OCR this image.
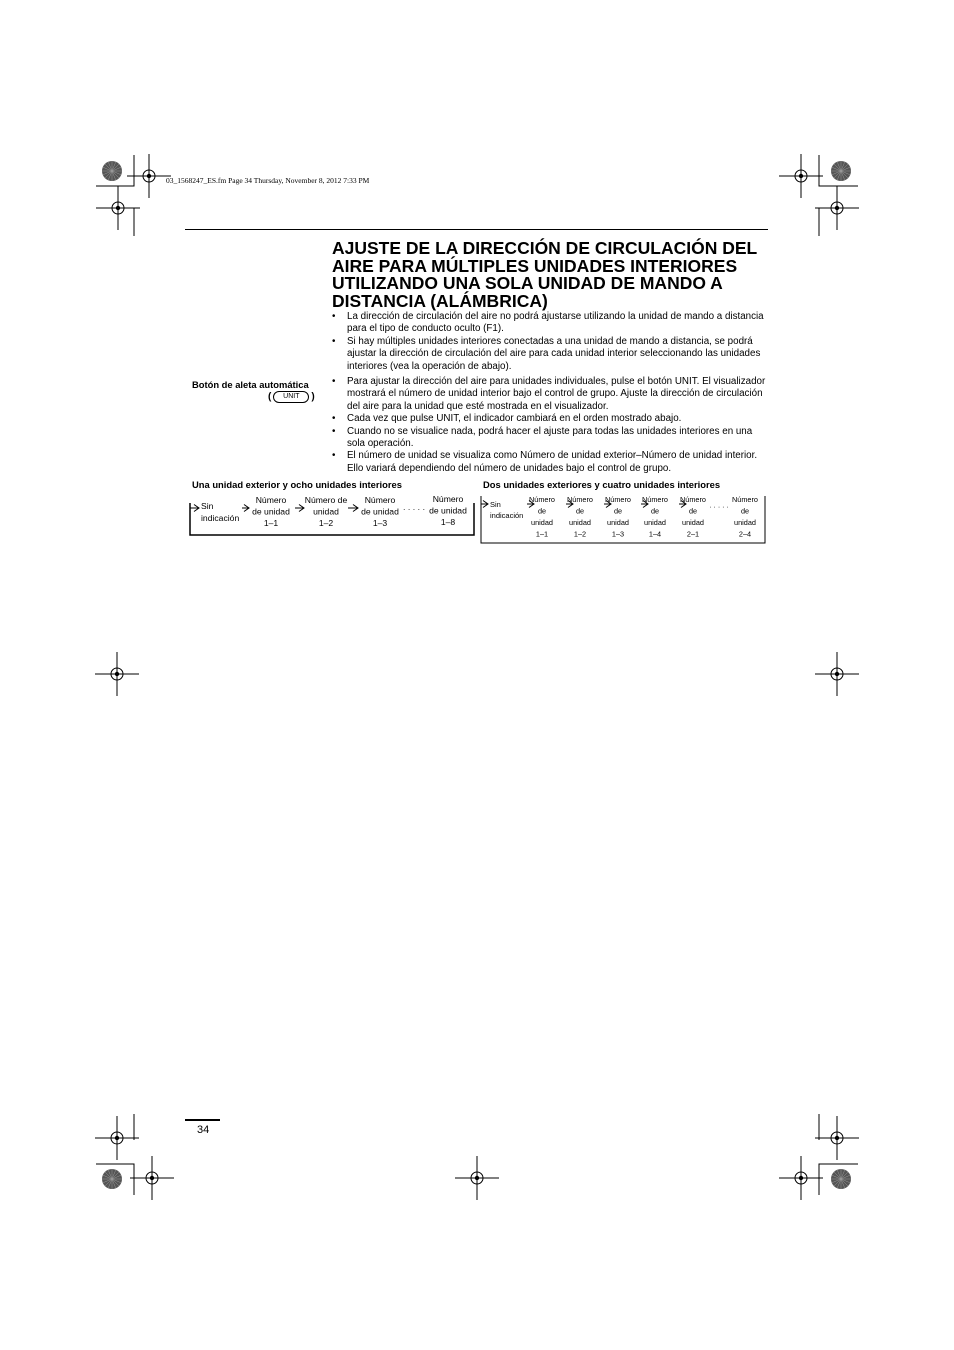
03_1568247_ES.fm Page 34 Thursday, November 8, 2012 7:33 PM
AJUSTE DE LA DIRECCIÓN DE CIRCULACIÓN DEL AIRE PARA MÚLTIPLES UNIDADES INTERIORES UTILIZANDO UNA SOLA UNIDAD DE MANDO A DISTANCIA (ALÁMBRICA)
• La dirección de circulación del aire no podrá ajustarse utilizando la unidad de mando a distancia para el tipo de conducto oculto (F1).
• Si hay múltiples unidades interiores conectadas a una unidad de mando a distancia, se podrá ajustar la dirección de circulación del aire para cada unidad interior seleccionando las unidades interiores (vea la operación de abajo).
• Para ajustar la dirección del aire para unidades individuales, pulse el botón UNIT. El visualizador mostrará el número de unidad interior bajo el control de grupo. Ajuste la dirección de circulación del aire para la unidad que esté mostrada en el visualizador.
• Cada vez que pulse UNIT, el indicador cambiará en el orden mostrado abajo.
• Cuando no se visualice nada, podrá hacer el ajuste para todas las unidades interiores en una sola operación.
• El número de unidad se visualiza como Número de unidad exterior–Número de unidad interior. Ello variará dependiendo del número de unidades bajo el control de grupo.
Botón de aleta automática
( UNIT )
Una unidad exterior y ocho unidades interiores	Dos unidades exteriores y cuatro unidades interiores
Sin indicación
Número de unidad 1–1
Número de unidad 1–2
Número de unidad 1–3
Número de unidad 1–8
· · · · ·
Sin indicación
Número de unidad 1–1
Número de unidad 1–2
Número de unidad 1–3
Número de unidad 1–4
Número de unidad 2–1
Número de unidad 2–4
· · · · ·
34
